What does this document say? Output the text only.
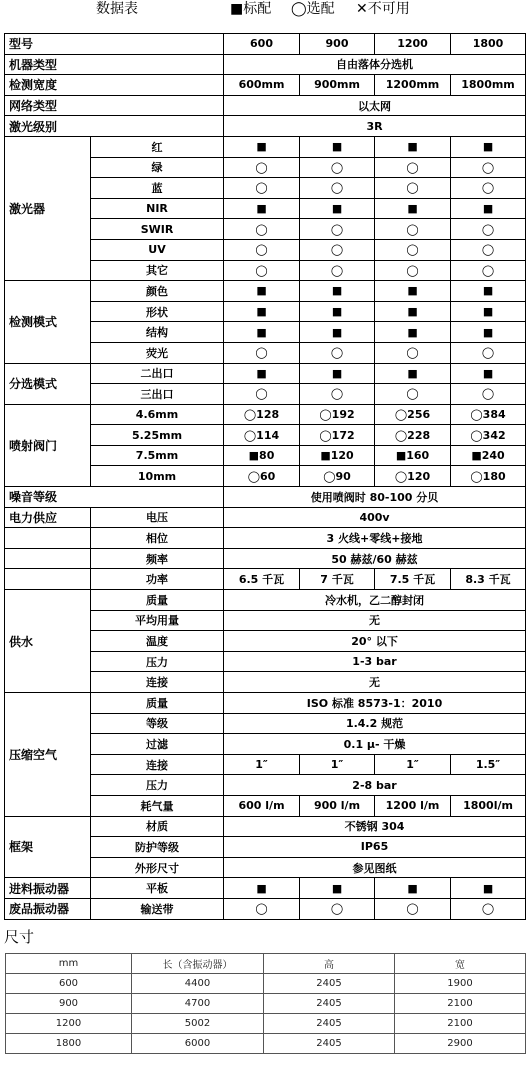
数据表	■标配 ◯选配 ✕不可用
型号		600	900	1200	1800
机器类型		自由落体分选机			
检测宽度		600mm	900mm	1200mm	1800mm
网络类型		以太网			
激光级别		3R			
激光器	红	■	■	■	■
	绿	◯	◯	◯	◯
	蓝	◯	◯	◯	◯
	NIR	■	■	■	■
	SWIR	◯	◯	◯	◯
	UV	◯	◯	◯	◯
	其它	◯	◯	◯	◯
检测模式	颜色	■	■	■	■
	形状	■	■	■	■
	结构	■	■	■	■
	荧光	◯	◯	◯	◯
分选模式	二出口	■	■	■	■
	三出口	◯	◯	◯	◯
喷射阀门	4.6mm	◯128	◯192	◯256	◯384
	5.25mm	◯114	◯172	◯228	◯342
	7.5mm	■80	■120	■160	■240
	10mm	◯60	◯90	◯120	◯180
噪音等级		使用喷阀时 80-100 分贝			
电力供应	电压	400v			
	相位	3 火线+零线+接地			
	频率	50 赫兹/60 赫兹			
	功率	6.5 千瓦	7 千瓦	7.5 千瓦	8.3 千瓦
供水	质量	冷水机，乙二醇封闭			
	平均用量	无			
	温度	20° 以下			
	压力	1-3 bar			
	连接	无			
压缩空气	质量	ISO 标准 8573-1：2010			
	等级	1.4.2 规范			
	过滤	0.1 μ- 干燥			
	连接	1″	1″	1″	1.5″
	压力	2-8 bar			
	耗气量	600 l/m	900 l/m	1200 l/m	1800l/m
框架	材质	不锈钢 304			
	防护等级	IP65			
	外形尺寸	参见图纸			
进料振动器	平板	■	■	■	■
废品振动器	输送带	◯	◯	◯	◯
尺寸
mm	长（含振动器）	高	宽
600	4400	2405	1900
900	4700	2405	2100
1200	5002	2405	2100
1800	6000	2405	2900
